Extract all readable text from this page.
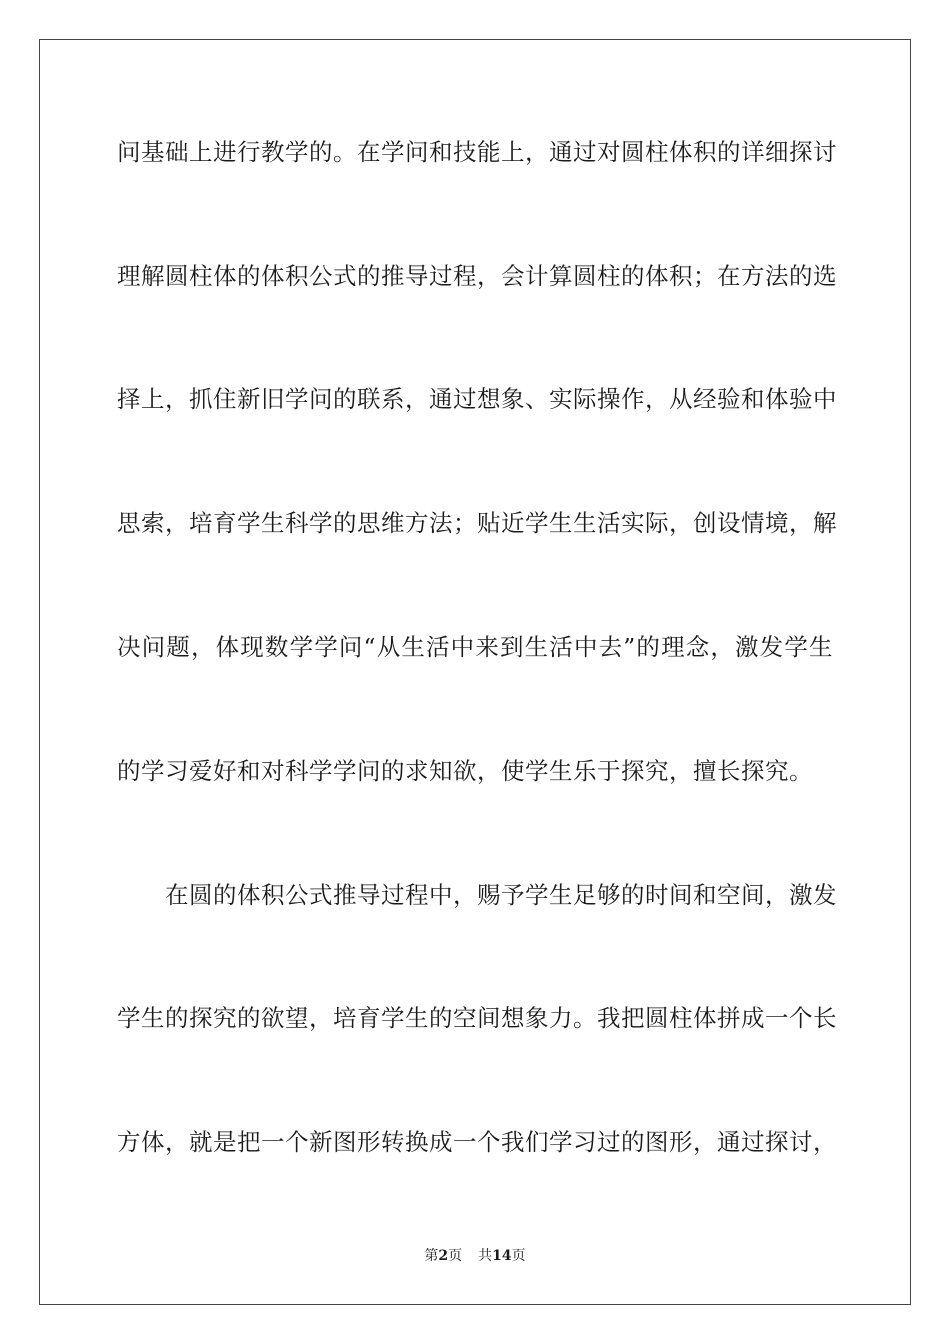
问基础上进行教学的。在学问和技能上，通过对圆柱体积的详细探讨
理解圆柱体的体积公式的推导过程，会计算圆柱的体积；在方法的选
择上，抓住新旧学问的联系，通过想象、实际操作，从经验和体验中
思索，培育学生科学的思维方法；贴近学生生活实际，创设情境，解
决问题，体现数学学问“从生活中来到生活中去”的理念，激发学生
的学习爱好和对科学学问的求知欲，使学生乐于探究，擅长探究。
在圆的体积公式推导过程中，赐予学生足够的时间和空间，激发
学生的探究的欲望，培育学生的空间想象力。我把圆柱体拼成一个长
方体，就是把一个新图形转换成一个我们学习过的图形，通过探讨，
第2页 共14页
